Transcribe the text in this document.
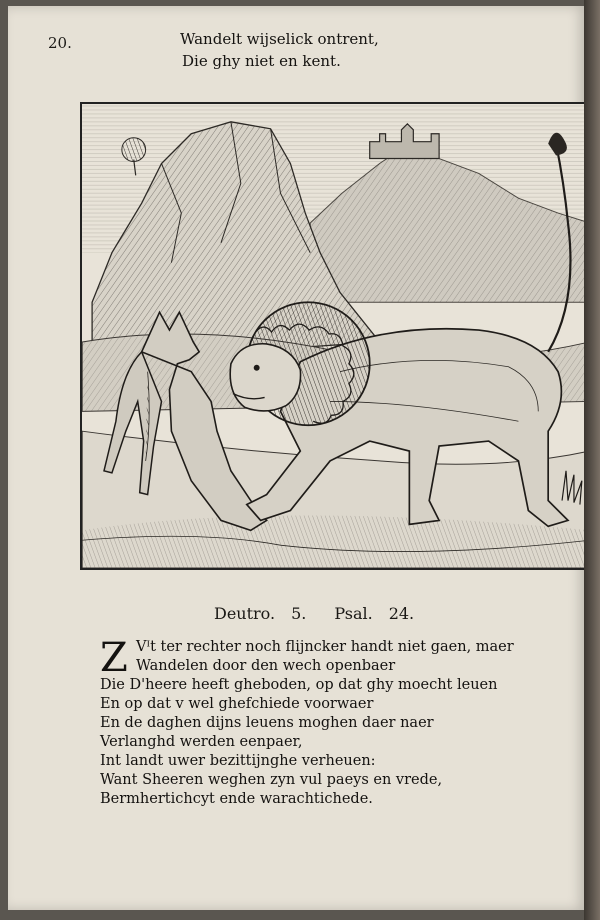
20.	Wandelt wijselick ontrent,
Die ghy niet en kent.
Deutro. 5. Psal. 24.
Z Vᴵt ter rechter noch flijncker handt niet gaen, maer
Wandelen door den wech openbaer
Die D'heere heeft gheboden, op dat ghy moecht leuen
En op dat v wel ghefchiede voorwaer
En de daghen dijns leuens moghen daer naer
Verlanghd werden eenpaer,
Int landt uwer bezittijnghe verheuen:
Want Sheeren weghen zyn vul paeys en vrede,
Bermhertichcyt ende warachtichede.
